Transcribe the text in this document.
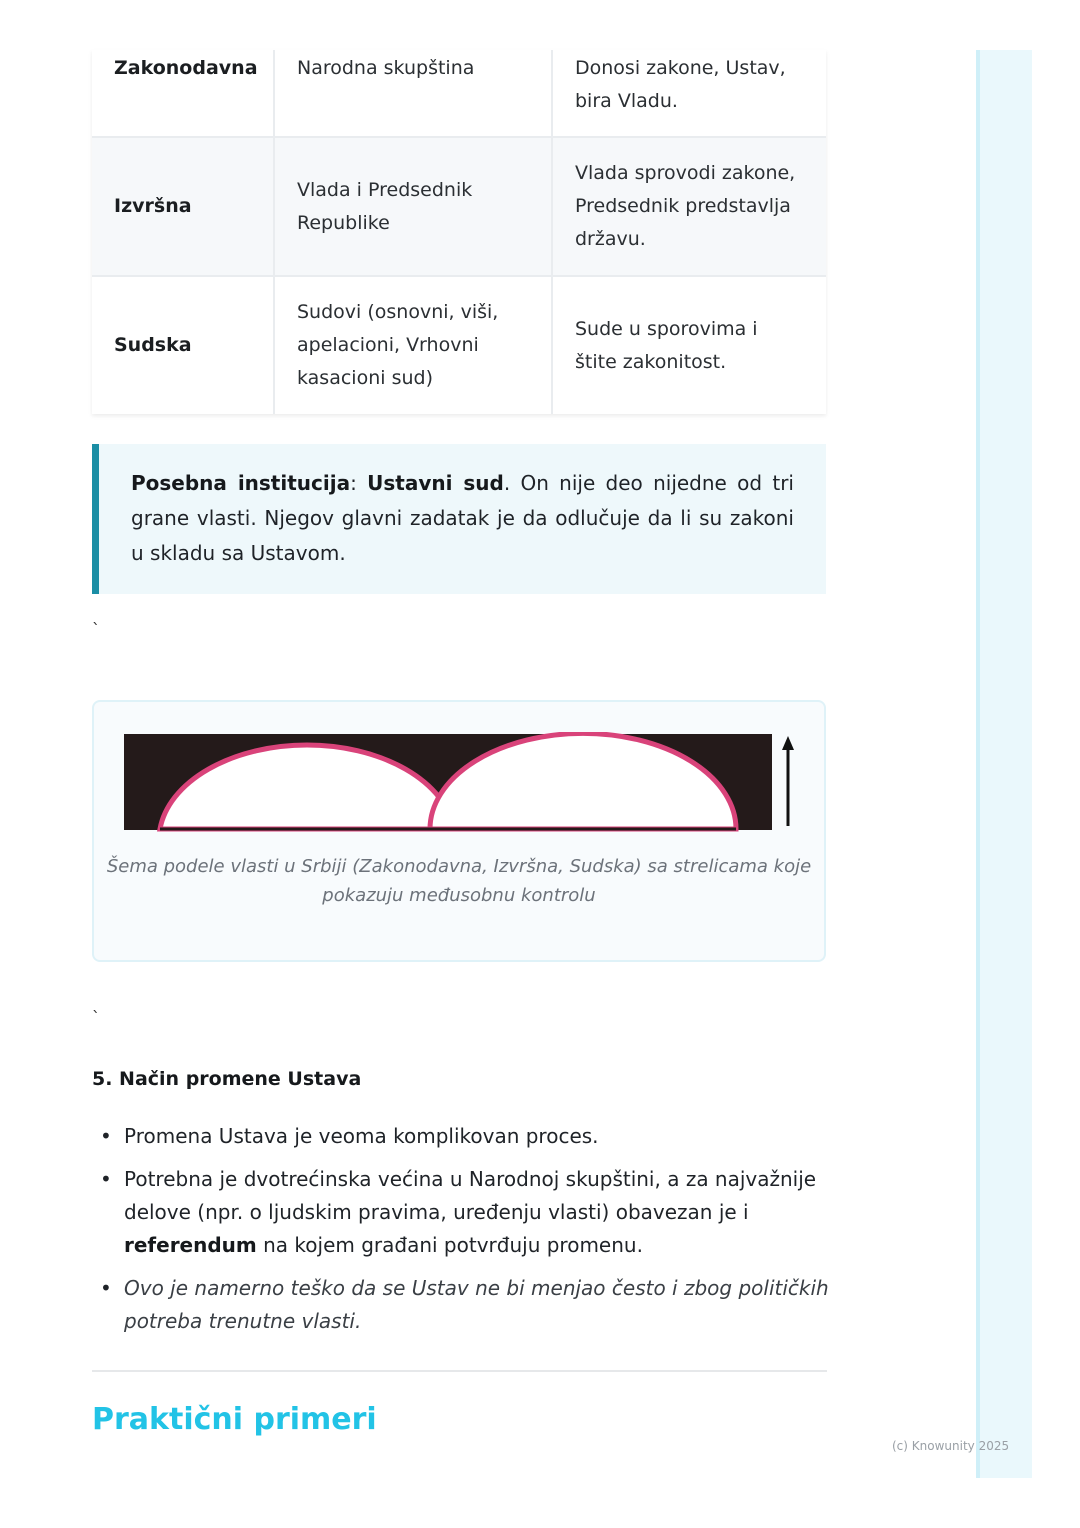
Zakonodavna	Narodna skupština	Donosi zakone, Ustav, bira Vladu.
Izvršna
Vlada i Predsednik Republike
Vlada sprovodi zakone, Predsednik predstavlja državu.
Sudska
Sudovi (osnovni, viši, apelacioni, Vrhovni kasacioni sud)
Sude u sporovima i štite zakonitost.
Posebna institucija: Ustavni sud. On nije deo nijedne od tri grane vlasti. Njegov glavni zadatak je da odlučuje da li su zakoni u skladu sa Ustavom.
`
Šema podele vlasti u Srbiji (Zakonodavna, Izvršna, Sudska) sa strelicama koje pokazuju međusobnu kontrolu
`
5. Način promene Ustava
• Promena Ustava je veoma komplikovan proces.
• Potrebna je dvotrećinska većina u Narodnoj skupštini, a za najvažnije delove (npr. o ljudskim pravima, uređenju vlasti) obavezan je i referendum na kojem građani potvrđuju promenu.
• Ovo je namerno teško da se Ustav ne bi menjao često i zbog političkih potreba trenutne vlasti.
Praktični primeri
(c) Knowunity 2025
